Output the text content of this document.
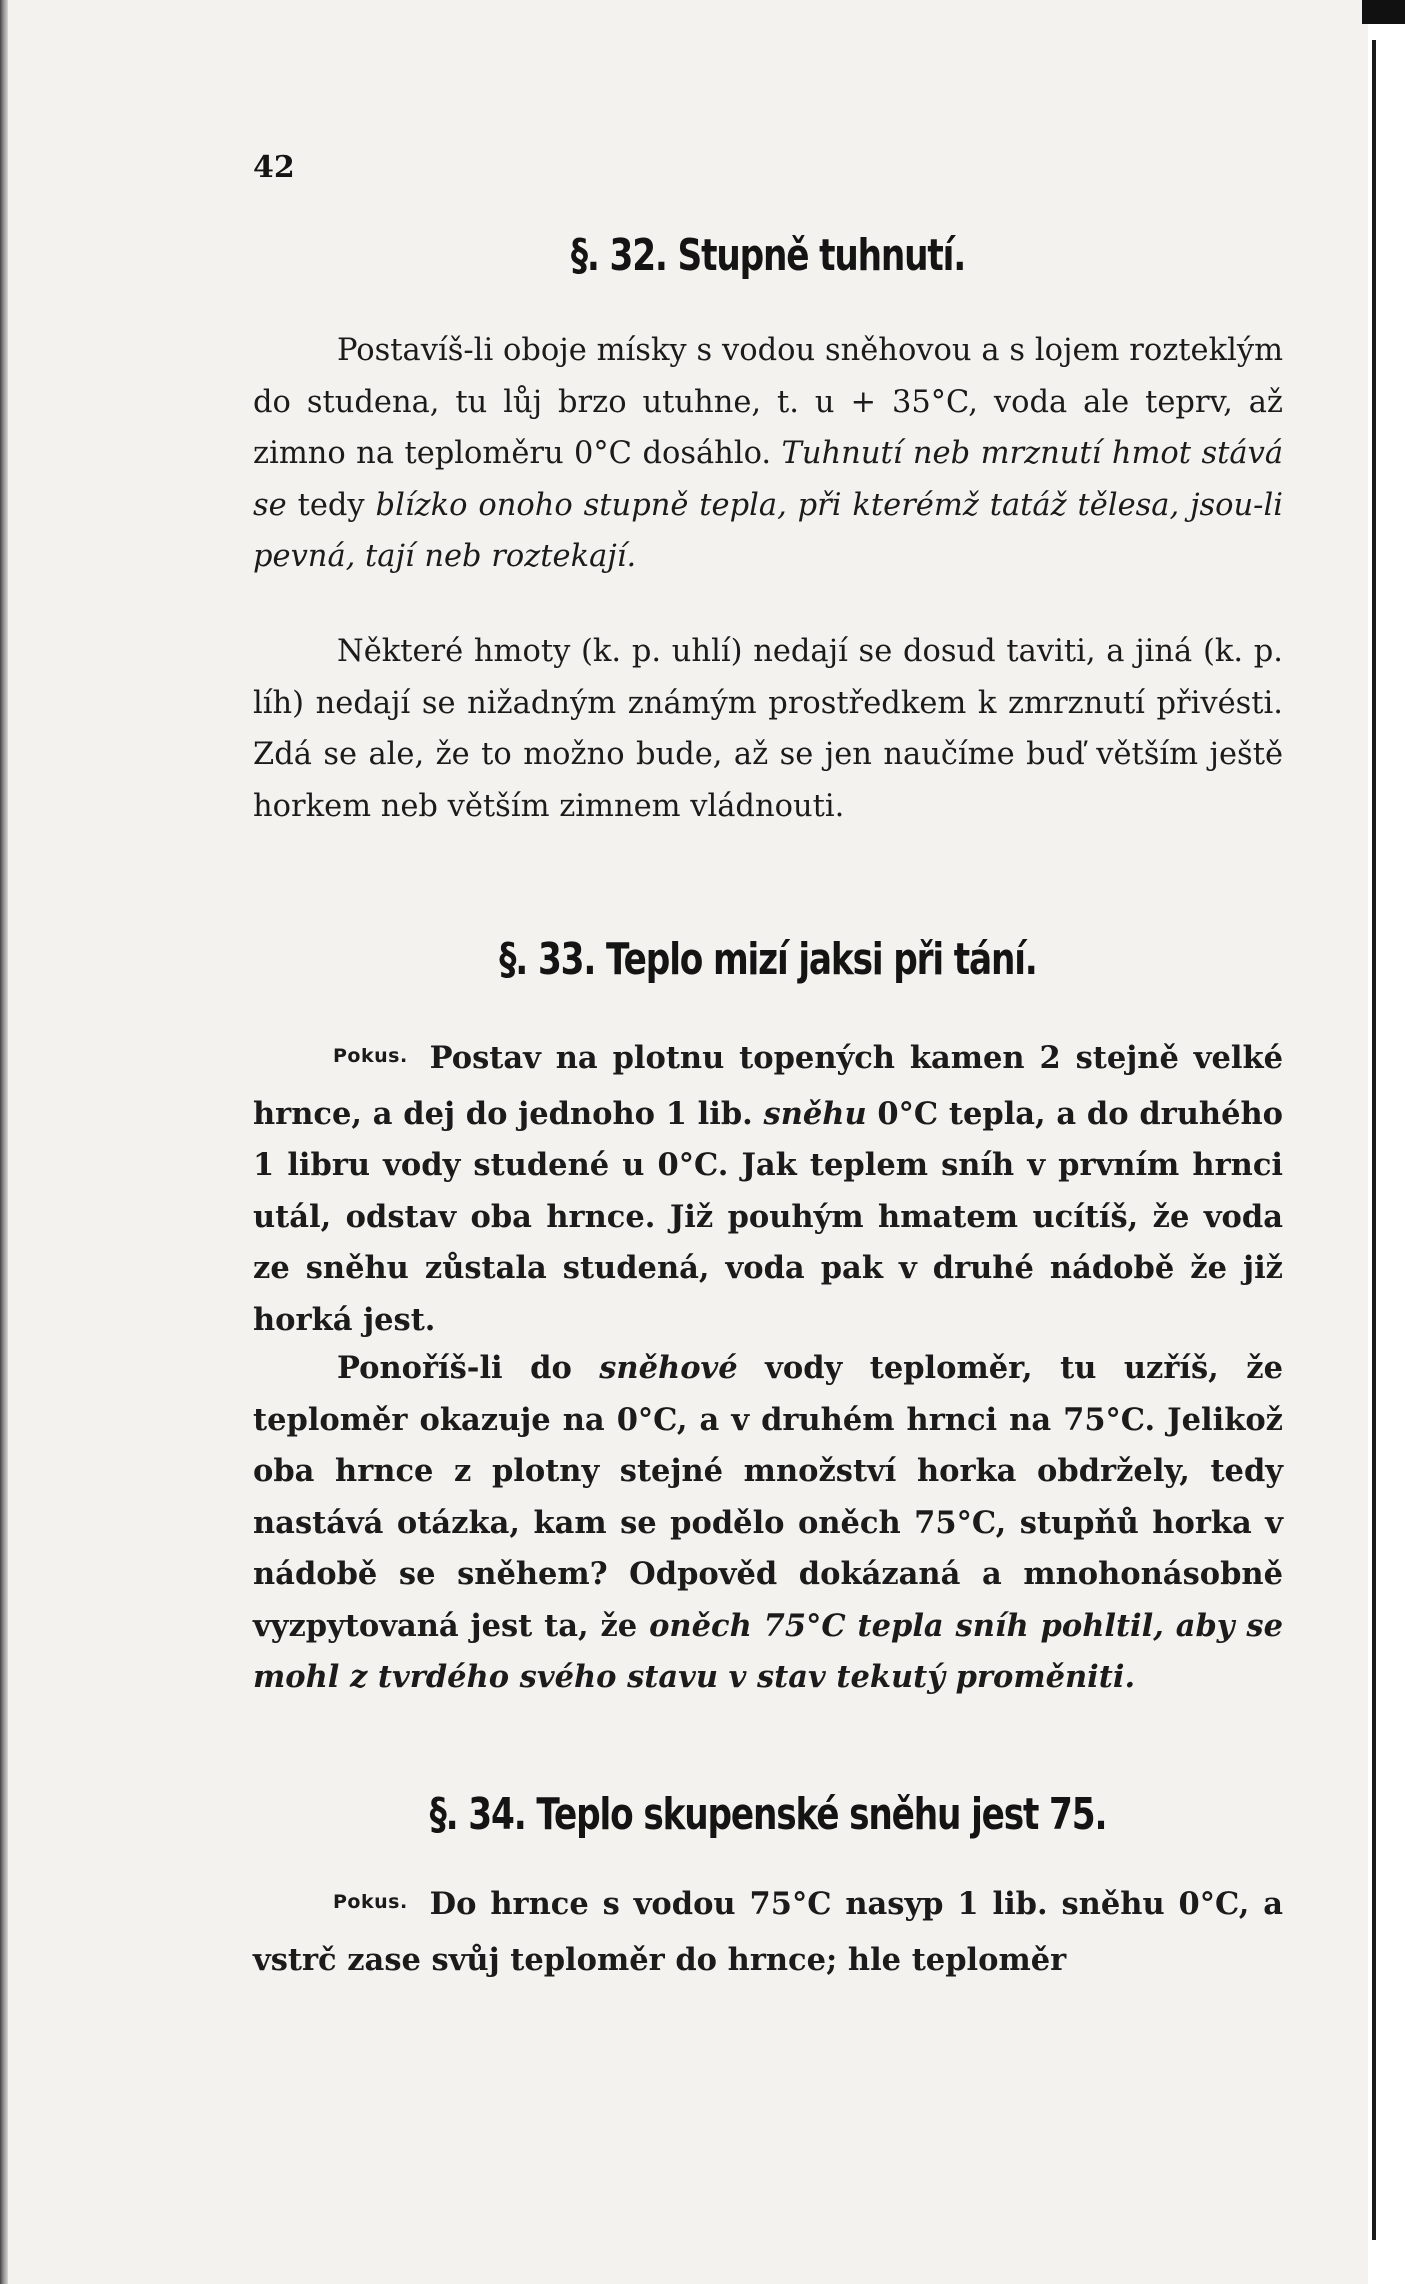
42
§. 32. Stupně tuhnutí.

Postavíš-li oboje mísky s vodou sněhovou a s lojem roztekl‎ým do studena, tu lůj brzo utuhne, t. u + 35°C, voda ale teprv, až zimno na teploměru 0°C dosáhlo. Tuhnutí neb mrznutí hmot stává se tedy blízko onoho stupně tepla, při kterémž tatáž tělesa, jsou-li pevná, tají neb roztekají.

Některé hmoty (k. p. uhlí) nedají se dosud taviti, a jiná (k. p. líh) nedají se nižadným známým prostředkem k zmrznutí přivésti. Zdá se ale, že to možno bude, až se jen naučíme buď větším ještě horkem neb větším zimnem vládnouti.

§. 33. Teplo mizí jaksi při tání.

Pokus. Postav na plotnu topených kamen 2 stejně velké hrnce, a dej do jednoho 1 lib. sněhu 0°C tepla, a do druhého 1 libru vody studené u 0°C. Jak teplem sníh v prvním hrnci utál, odstav oba hrnce. Již pouhým hmatem ucítíš, že voda ze sněhu zůstala studená, voda pak v druhé nádobě že již horká jest.

Ponoříš-li do sněhové vody teploměr, tu uzříš, že teploměr okazuje na 0°C, a v druhém hrnci na 75°C. Jelikož oba hrnce z plotny stejné množství horka obdržely, tedy nastává otázka, kam se podělo oněch 75°C, stupňů horka v nádobě se sněhem? Odpověd dokázaná a mnohonásobně vyzpytovaná jest ta, že oněch 75°C tepla sníh pohltil, aby se mohl z tvrdého svého stavu v stav tekutý proměniti.

§. 34. Teplo skupenské sněhu jest 75.

Pokus. Do hrnce s vodou 75°C nasyp 1 lib. sněhu 0°C, a vstrč zase svůj teploměr do hrnce; hle teploměr
